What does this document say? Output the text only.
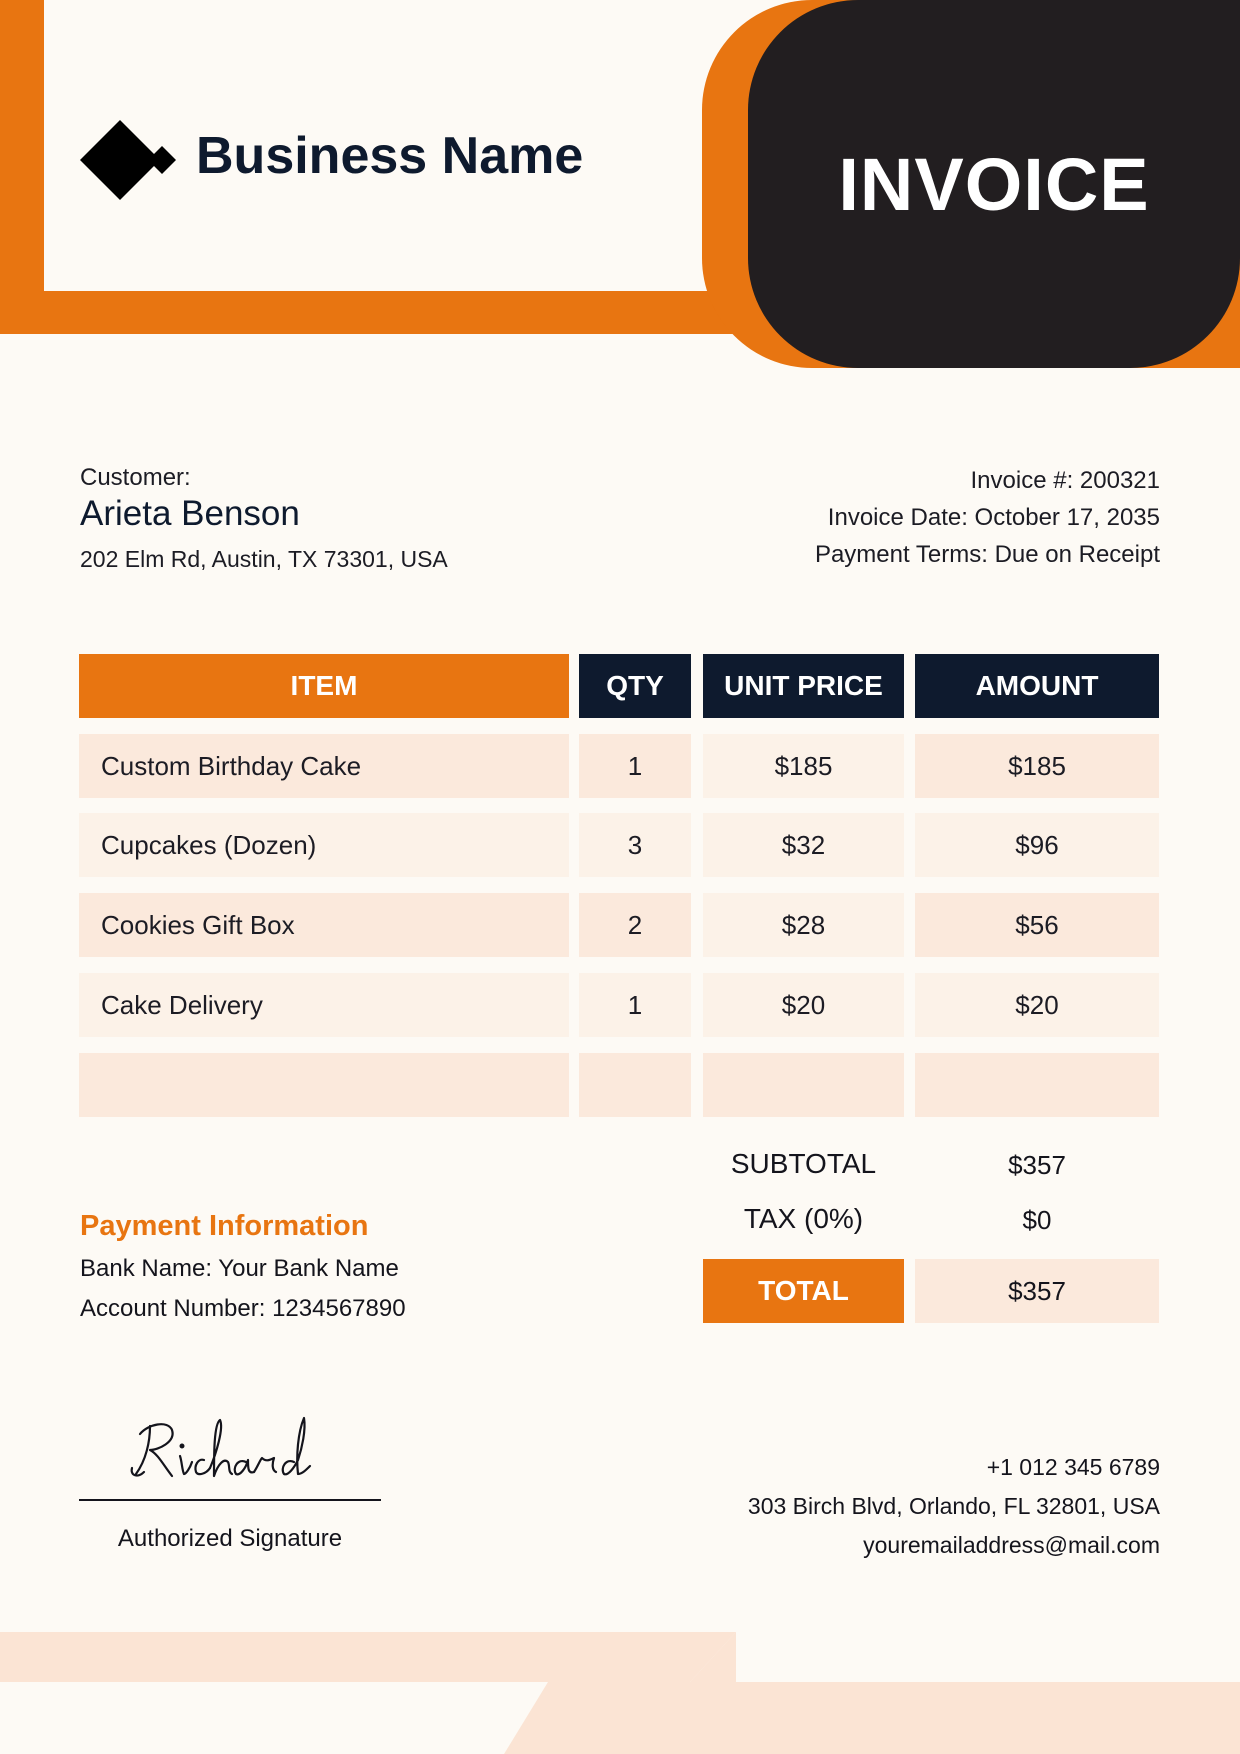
Business Name	INVOICE
Customer:
Arieta Benson
202 Elm Rd, Austin, TX 73301, USA
Invoice #: 200321
Invoice Date: October 17, 2035
Payment Terms: Due on Receipt
ITEM	QTY	UNIT PRICE	AMOUNT
Custom Birthday Cake	1	$185	$185
Cupcakes (Dozen)	3	$32	$96
Cookies Gift Box	2	$28	$56
Cake Delivery	1	$20	$20
SUBTOTAL	$357
TAX (0%)	$0
TOTAL	$357
Payment Information
Bank Name: Your Bank Name
Account Number: 1234567890
Authorized Signature
+1 012 345 6789
303 Birch Blvd, Orlando, FL 32801, USA
youremailaddress@mail.com
